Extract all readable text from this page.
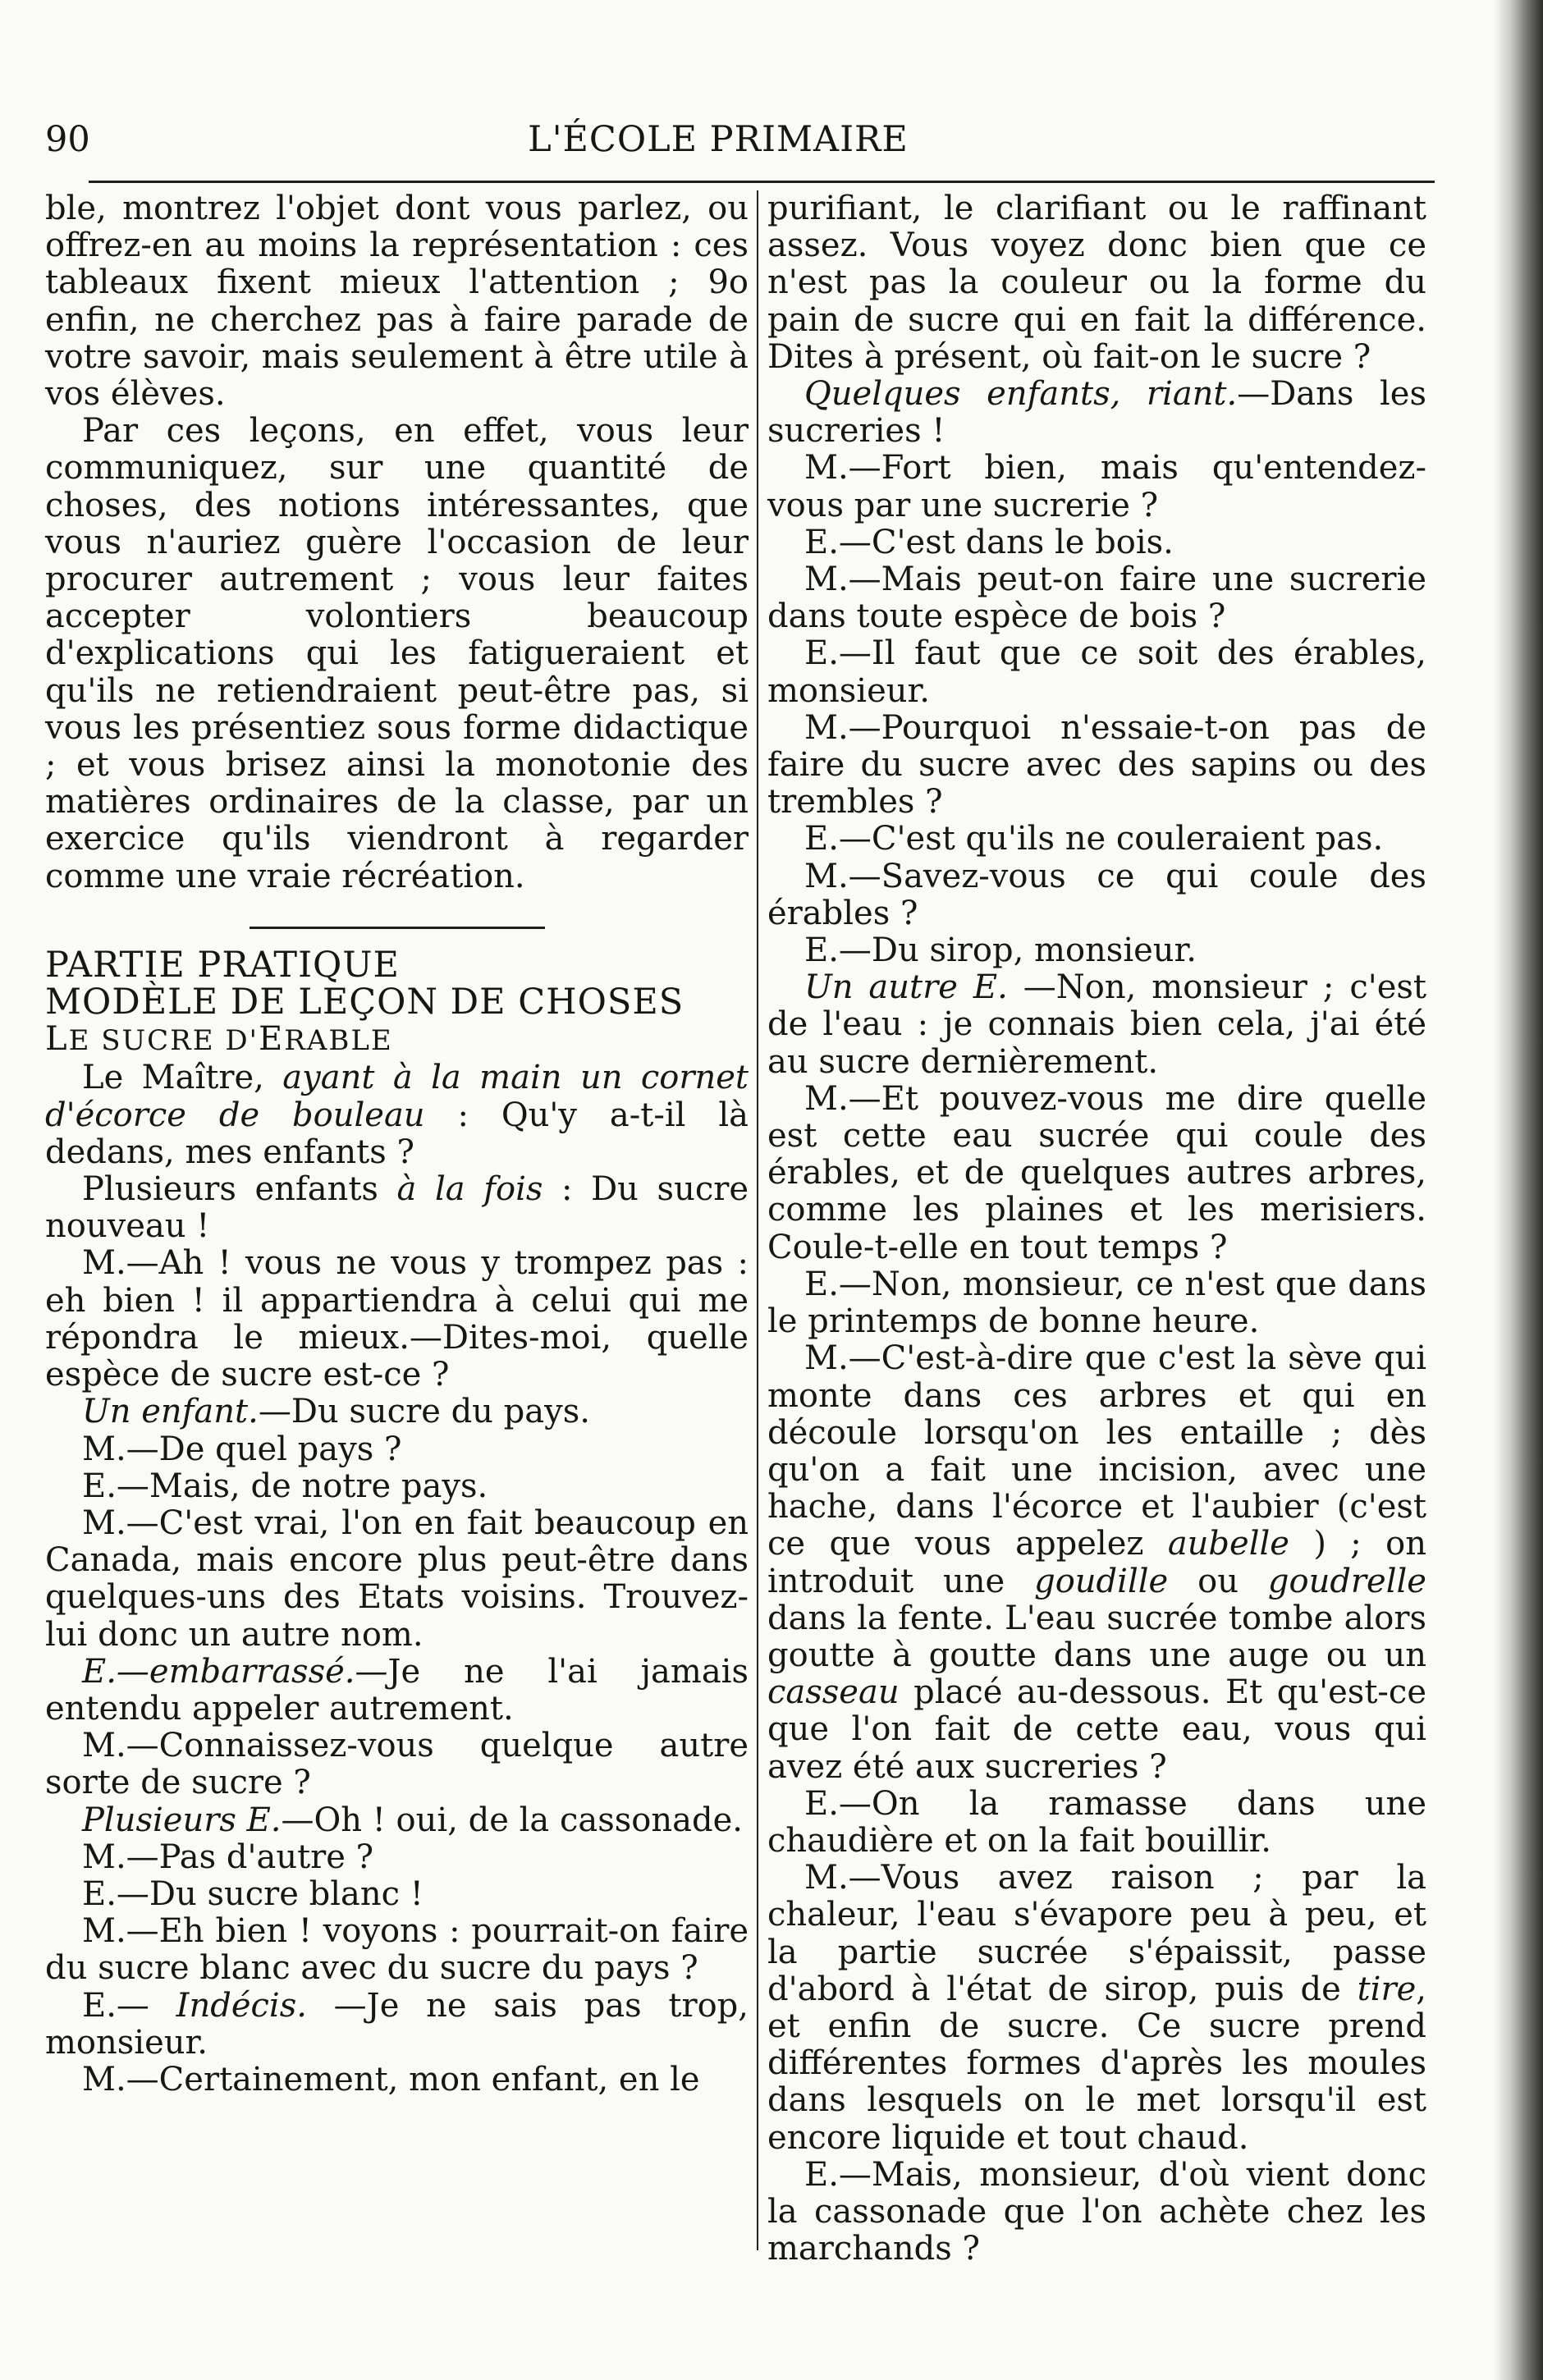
L'ÉCOLE PRIMAIRE
90

ble, montrez l'objet dont vous parlez, ou offrez-en au moins la représentation : ces tableaux fixent mieux l'attention ; 9o enfin, ne cherchez pas à faire parade de votre savoir, mais seulement à être utile à vos élèves.

Par ces leçons, en effet, vous leur communiquez, sur une quantité de choses, des notions intéressantes, que vous n'auriez guère l'occasion de leur procurer autrement ; vous leur faites accepter volontiers beaucoup d'explications qui les fatigueraient et qu'ils ne retiendraient peut-être pas, si vous les présentiez sous forme didactique ; et vous brisez ainsi la monotonie des matières ordinaires de la classe, par un exercice qu'ils viendront à regarder comme une vraie récréation.

PARTIE PRATIQUE

MODÈLE DE LEÇON DE CHOSES

LE SUCRE D'ERABLE

Le Maître, ayant à la main un cornet d'écorce de bouleau : Qu'y a-t-il là dedans, mes enfants ?

Plusieurs enfants à la fois : Du sucre nouveau !

M.—Ah ! vous ne vous y trompez pas : eh bien ! il appartiendra à celui qui me répondra le mieux.—Dites-moi, quelle espèce de sucre est-ce ?

Un enfant.—Du sucre du pays.

M.—De quel pays ?

E.—Mais, de notre pays.

M.—C'est vrai, l'on en fait beaucoup en Canada, mais encore plus peut-être dans quelques-uns des Etats voisins. Trouvez-lui donc un autre nom.

E.—embarrassé.—Je ne l'ai jamais entendu appeler autrement.

M.—Connaissez-vous quelque autre sorte de sucre ?

Plusieurs E.—Oh ! oui, de la cassonade.

M.—Pas d'autre ?

E.—Du sucre blanc !

M.—Eh bien ! voyons : pourrait-on faire du sucre blanc avec du sucre du pays ?

E.— Indécis. —Je ne sais pas trop, monsieur.

M.—Certainement, mon enfant, en le

purifiant, le clarifiant ou le raffinant assez. Vous voyez donc bien que ce n'est pas la couleur ou la forme du pain de sucre qui en fait la différence. Dites à présent, où fait-on le sucre ?

Quelques enfants, riant.—Dans les sucreries !

M.—Fort bien, mais qu'entendez-vous par une sucrerie ?

E.—C'est dans le bois.

M.—Mais peut-on faire une sucrerie dans toute espèce de bois ?

E.—Il faut que ce soit des érables, monsieur.

M.—Pourquoi n'essaie-t-on pas de faire du sucre avec des sapins ou des trembles ?

E.—C'est qu'ils ne couleraient pas.

M.—Savez-vous ce qui coule des érables ?

E.—Du sirop, monsieur.

Un autre E. —Non, monsieur ; c'est de l'eau : je connais bien cela, j'ai été au sucre dernièrement.

M.—Et pouvez-vous me dire quelle est cette eau sucrée qui coule des érables, et de quelques autres arbres, comme les plaines et les merisiers. Coule-t-elle en tout temps ?

E.—Non, monsieur, ce n'est que dans le printemps de bonne heure.

M.—C'est-à-dire que c'est la sève qui monte dans ces arbres et qui en découle lorsqu'on les entaille ; dès qu'on a fait une incision, avec une hache, dans l'écorce et l'aubier (c'est ce que vous appelez aubelle ) ; on introduit une goudille ou goudrelle dans la fente. L'eau sucrée tombe alors goutte à goutte dans une auge ou un casseau placé au-dessous. Et qu'est-ce que l'on fait de cette eau, vous qui avez été aux sucreries ?

E.—On la ramasse dans une chaudière et on la fait bouillir.

M.—Vous avez raison ; par la chaleur, l'eau s'évapore peu à peu, et la partie sucrée s'épaissit, passe d'abord à l'état de sirop, puis de tire, et enfin de sucre. Ce sucre prend différentes formes d'après les moules dans lesquels on le met lorsqu'il est encore liquide et tout chaud.

E.—Mais, monsieur, d'où vient donc la cassonade que l'on achète chez les marchands ?
